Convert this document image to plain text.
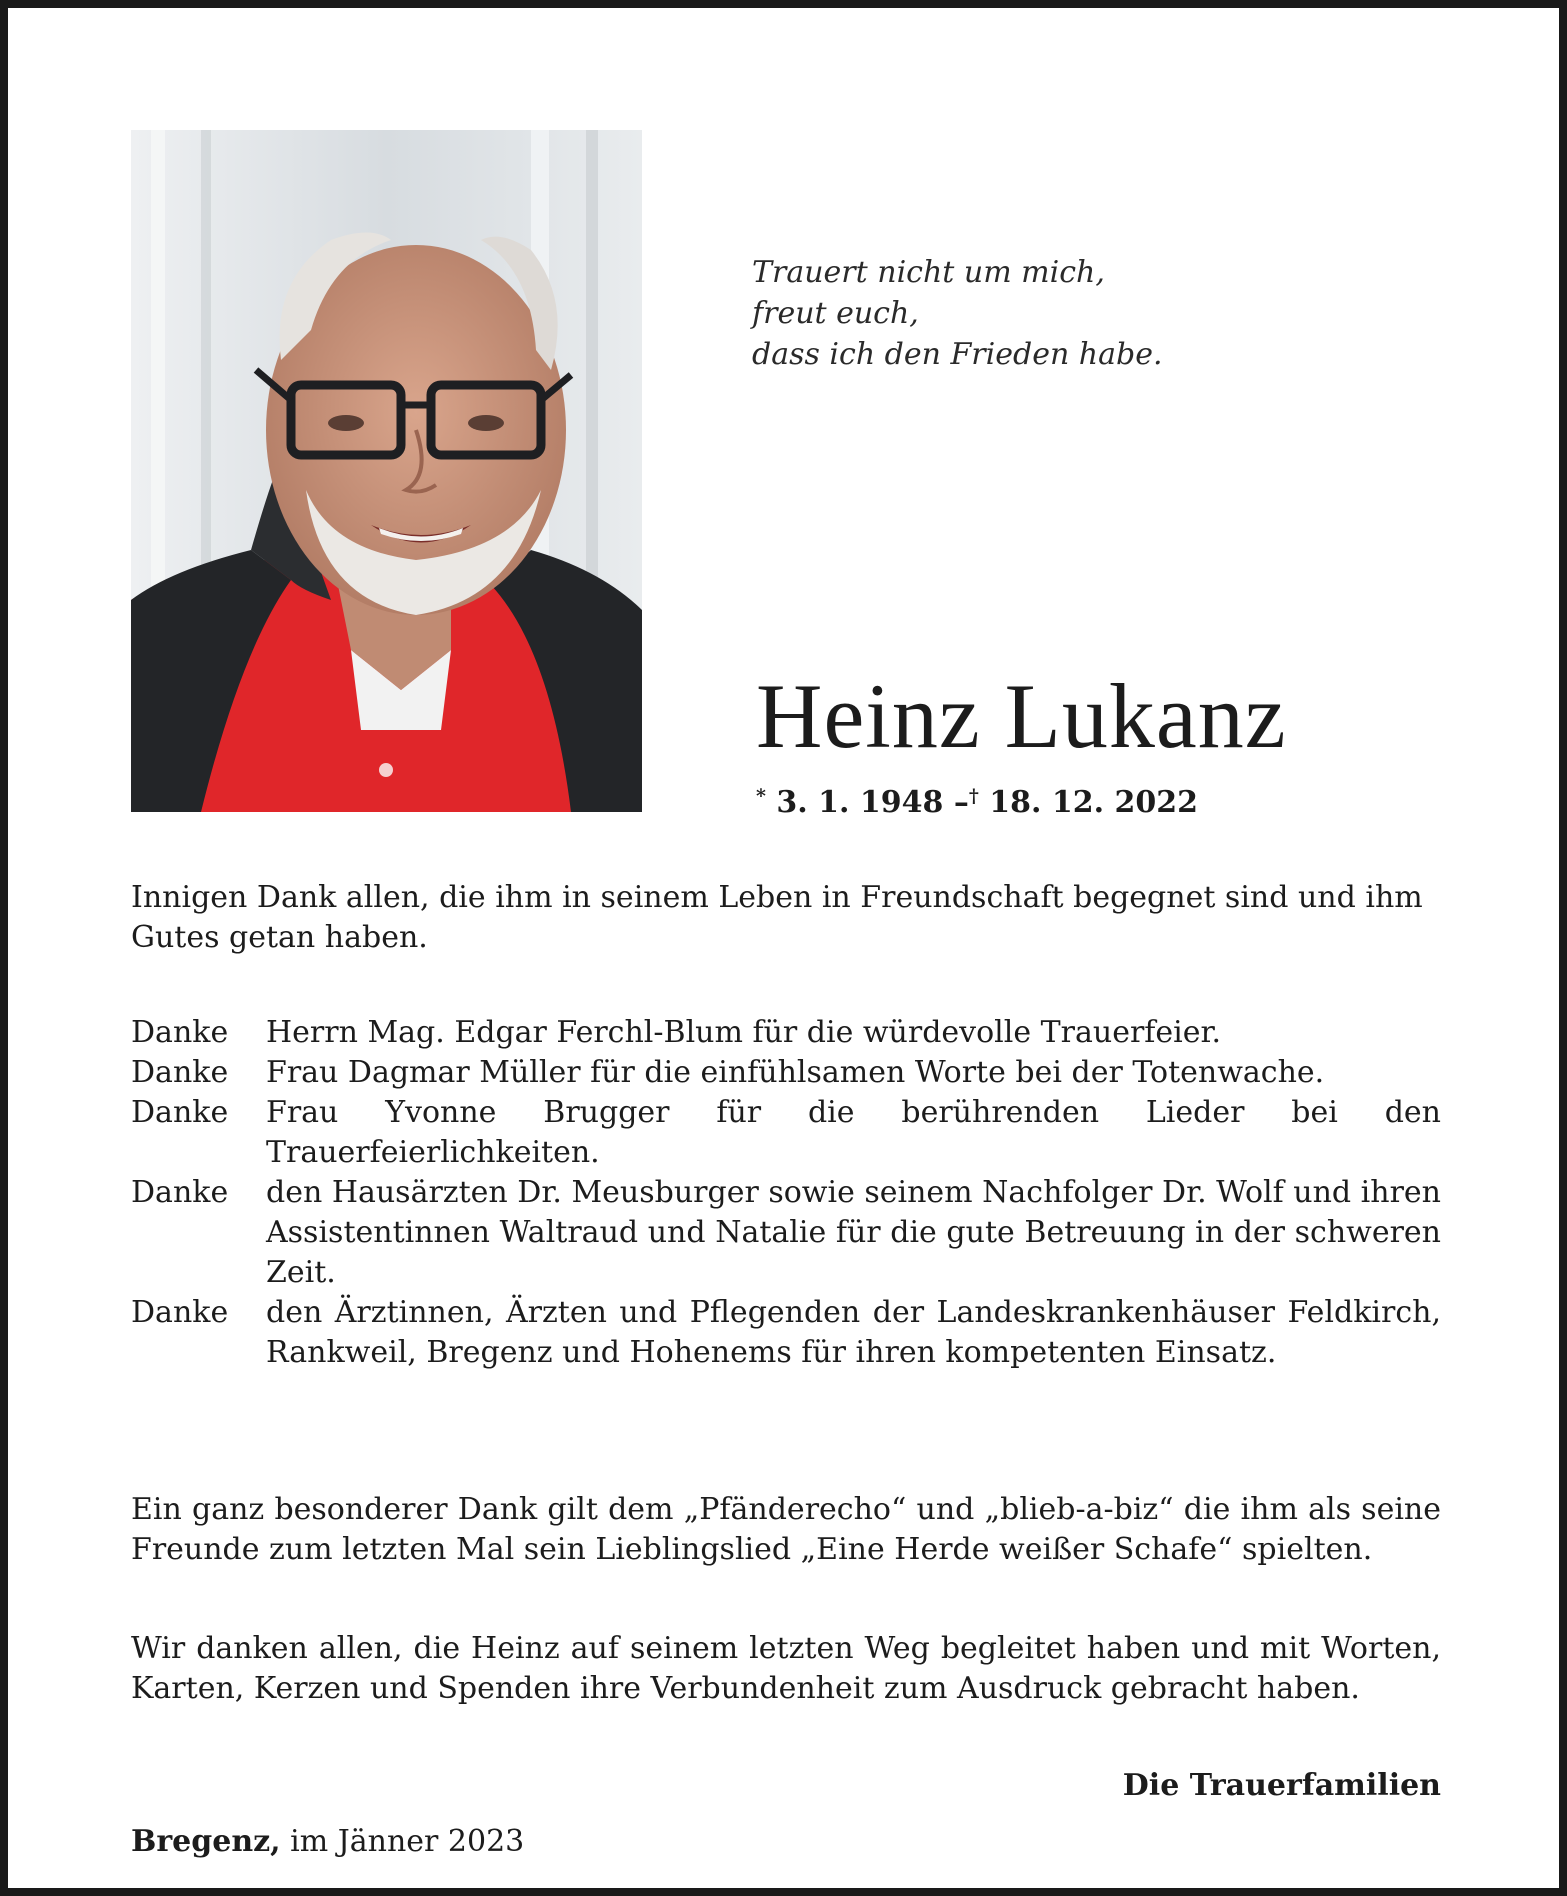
Trauert nicht um mich,
freut euch,
dass ich den Frieden habe.

Heinz Lukanz
* 3. 1. 1948 –† 18. 12. 2022

Innigen Dank allen, die ihm in seinem Leben in Freundschaft begegnet sind und ihm Gutes getan haben.

Danke	Herrn Mag. Edgar Ferchl-Blum für die würdevolle Trauerfeier.
Danke	Frau Dagmar Müller für die einfühlsamen Worte bei der Totenwache.
Danke	Frau Yvonne Brugger für die berührenden Lieder bei den Trauerfeierlichkeiten.
Danke	den Hausärzten Dr. Meusburger sowie seinem Nachfolger Dr. Wolf und ihren Assistentinnen Waltraud und Natalie für die gute Betreuung in der schweren Zeit.
Danke	den Ärztinnen, Ärzten und Pflegenden der Landeskrankenhäuser Feldkirch, Rankweil, Bregenz und Hohenems für ihren kompetenten Einsatz.

Ein ganz besonderer Dank gilt dem „Pfänderecho“ und „blieb-a-biz“ die ihm als seine Freunde zum letzten Mal sein Lieblingslied „Eine Herde weißer Schafe“ spielten.

Wir danken allen, die Heinz auf seinem letzten Weg begleitet haben und mit Worten, Karten, Kerzen und Spenden ihre Verbundenheit zum Ausdruck gebracht haben.

Die Trauerfamilien
Bregenz, im Jänner 2023
